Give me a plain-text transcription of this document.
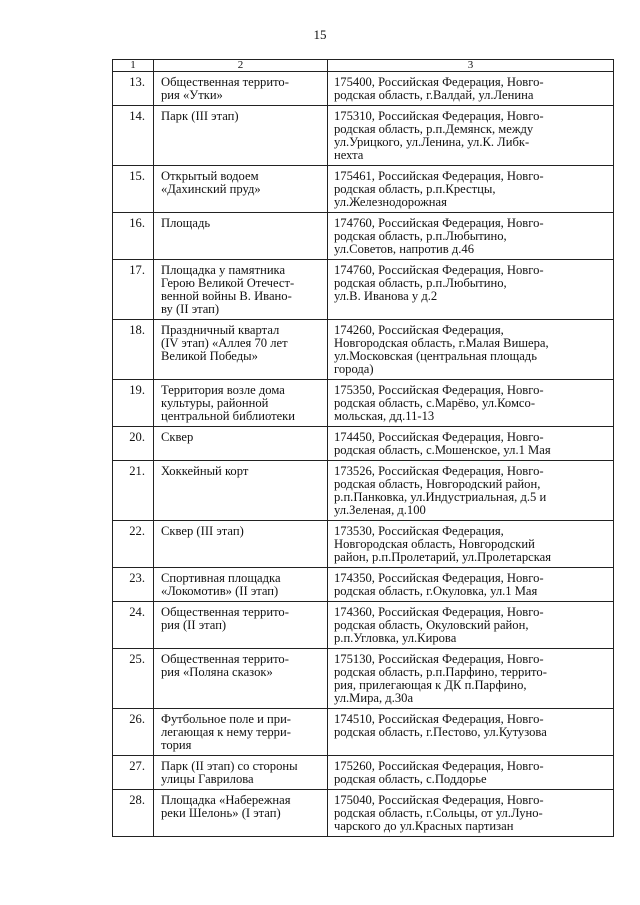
15
1	2	3

13.	Общественная террито-
рия «Утки»	175400, Российская Федерация, Новго-
родская область, г.Валдай, ул.Ленина

14.	Парк (III этап)	175310, Российская Федерация, Новго-
родская область, р.п.Демянск, между
ул.Урицкого, ул.Ленина, ул.К. Либк-
нехта

15.	Открытый водоем
«Дахинский пруд»	175461, Российская Федерация, Новго-
родская область, р.п.Крестцы,
ул.Железнодорожная

16.	Площадь	174760, Российская Федерация, Новго-
родская область, р.п.Любытино,
ул.Советов, напротив д.46

17.	Площадка у памятника
Герою Великой Отечест-
венной войны В. Ивано-
ву (II этап)	174760, Российская Федерация, Новго-
родская область, р.п.Любытино,
ул.В. Иванова у д.2

18.	Праздничный квартал
(IV этап) «Аллея 70 лет
Великой Победы»	174260, Российская Федерация,
Новгородская область, г.Малая Вишера,
ул.Московская (центральная площадь
города)

19.	Территория возле дома
культуры, районной
центральной библиотеки	175350, Российская Федерация, Новго-
родская область, с.Марёво, ул.Комсо-
мольская, дд.11-13

20.	Сквер	174450, Российская Федерация, Новго-
родская область, с.Мошенское, ул.1 Мая

21.	Хоккейный корт	173526, Российская Федерация, Новго-
родская область, Новгородский район,
р.п.Панковка, ул.Индустриальная, д.5 и
ул.Зеленая, д.100

22.	Сквер (III этап)	173530, Российская Федерация,
Новгородская область, Новгородский
район, р.п.Пролетарий, ул.Пролетарская

23.	Спортивная площадка
«Локомотив» (II этап)	174350, Российская Федерация, Новго-
родская область, г.Окуловка, ул.1 Мая

24.	Общественная террито-
рия (II этап)	174360, Российская Федерация, Новго-
родская область, Окуловский район,
р.п.Угловка, ул.Кирова

25.	Общественная террито-
рия «Поляна сказок»	175130, Российская Федерация, Новго-
родская область, р.п.Парфино, террито-
рия, прилегающая к ДК п.Парфино,
ул.Мира, д.30а

26.	Футбольное поле и при-
легающая к нему терри-
тория	174510, Российская Федерация, Новго-
родская область, г.Пестово, ул.Кутузова

27.	Парк (II этап) со стороны
улицы Гаврилова	175260, Российская Федерация, Новго-
родская область, с.Поддорье

28.	Площадка «Набережная
реки Шелонь» (I этап)	175040, Российская Федерация, Новго-
родская область, г.Сольцы, от ул.Луно-
чарского до ул.Красных партизан
